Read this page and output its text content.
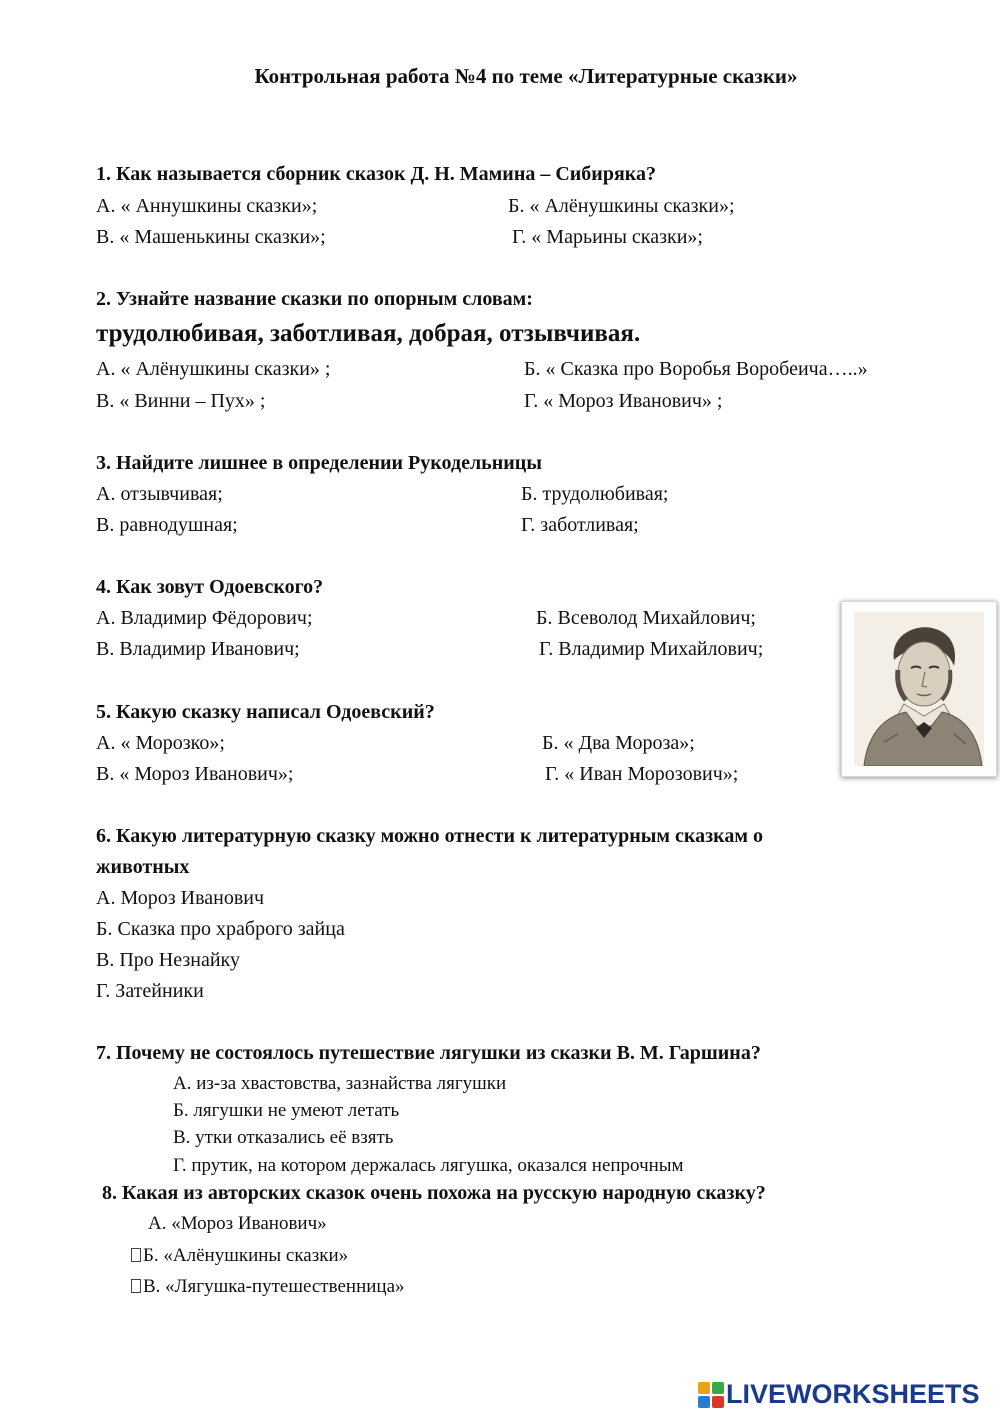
Контрольная работа №4 по теме «Литературные сказки»
1. Как называется сборник сказок Д. Н. Мамина – Сибиряка?
А. « Аннушкины сказки»;	Б. « Алёнушкины сказки»;
В. « Машенькины сказки»;	Г. « Марьины сказки»;
2. Узнайте название сказки по опорным словам:
трудолюбивая, заботливая, добрая, отзывчивая.
А. « Алёнушкины сказки» ;	Б. « Сказка про Воробья Воробеича…..»
В. « Винни – Пух» ;	Г. « Мороз Иванович» ;
3. Найдите лишнее в определении Рукодельницы
А. отзывчивая;	Б. трудолюбивая;
В. равнодушная;	Г. заботливая;
4. Как зовут Одоевского?
А. Владимир Фёдорович;	Б. Всеволод Михайлович;
В. Владимир Иванович;	Г. Владимир Михайлович;
5. Какую сказку написал Одоевский?
А. « Морозко»;	Б. « Два Мороза»;
В. « Мороз Иванович»;	Г. « Иван Морозович»;
6. Какую литературную сказку можно отнести к литературным сказкам о
животных
А. Мороз Иванович
Б. Сказка про храброго зайца
В. Про Незнайку
Г. Затейники
7. Почему не состоялось путешествие лягушки из сказки В. М. Гаршина?
А. из-за хвастовства, зазнайства лягушки
Б. лягушки не умеют летать
В. утки отказались её взять
Г. прутик, на котором держалась лягушка, оказался непрочным
8. Какая из авторских сказок очень похожа на русскую народную сказку?
А. «Мороз Иванович»
Б. «Алёнушкины сказки»
В. «Лягушка-путешественница»
LIVEWORKSHEETS
